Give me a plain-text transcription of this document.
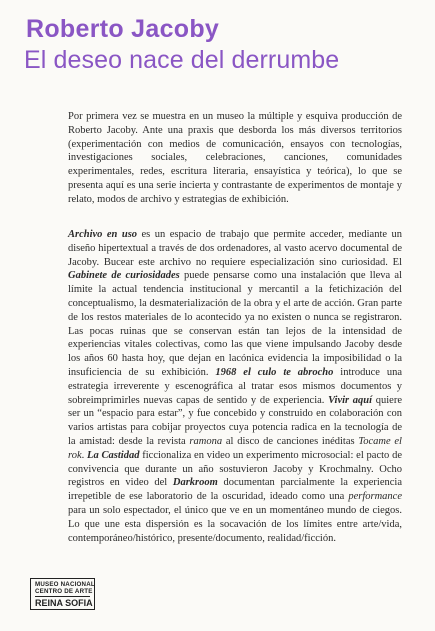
Roberto Jacoby
El deseo nace del derrumbe
Por primera vez se muestra en un museo la múltiple y esquiva producción de Roberto Jacoby. Ante una praxis que desborda los más diversos territorios (experimentación con medios de comunicación, ensayos con tecnologías, investigaciones sociales, celebraciones, canciones, comunidades experimentales, redes, escritura literaria, ensayística y teórica), lo que se presenta aquí es una serie incierta y contrastante de experimentos de montaje y relato, modos de archivo y estrategias de exhibición.
Archivo en uso es un espacio de trabajo que permite acceder, mediante un diseño hipertextual a través de dos ordenadores, al vasto acervo documental de Jacoby. Bucear este archivo no requiere especialización sino curiosidad. El Gabinete de curiosidades puede pensarse como una instalación que lleva al límite la actual tendencia institucional y mercantil a la fetichización del conceptualismo, la desmaterialización de la obra y el arte de acción. Gran parte de los restos materiales de lo acontecido ya no existen o nunca se registraron. Las pocas ruinas que se conservan están tan lejos de la intensidad de experiencias vitales colectivas, como las que viene impulsando Jacoby desde los años 60 hasta hoy, que dejan en lacónica evidencia la imposibilidad o la insuficiencia de su exhibición. 1968 el culo te abrocho introduce una estrategia irreverente y escenográfica al tratar esos mismos documentos y sobreimprimirles nuevas capas de sentido y de experiencia. Vivir aquí quiere ser un “espacio para estar”, y fue concebido y construido en colaboración con varios artistas para cobijar proyectos cuya potencia radica en la tecnología de la amistad: desde la revista ramona al disco de canciones inéditas Tocame el rok. La Castidad ficcionaliza en video un experimento microsocial: el pacto de convivencia que durante un año sostuvieron Jacoby y Krochmalny. Ocho registros en video del Darkroom documentan parcialmente la experiencia irrepetible de ese laboratorio de la oscuridad, ideado como una performance para un solo espectador, el único que ve en un momentáneo mundo de ciegos. Lo que une esta dispersión es la socavación de los límites entre arte/vida, contemporáneo/histórico, presente/documento, realidad/ficción.
MUSEO NACIONAL
CENTRO DE ARTE
REINA SOFIA
